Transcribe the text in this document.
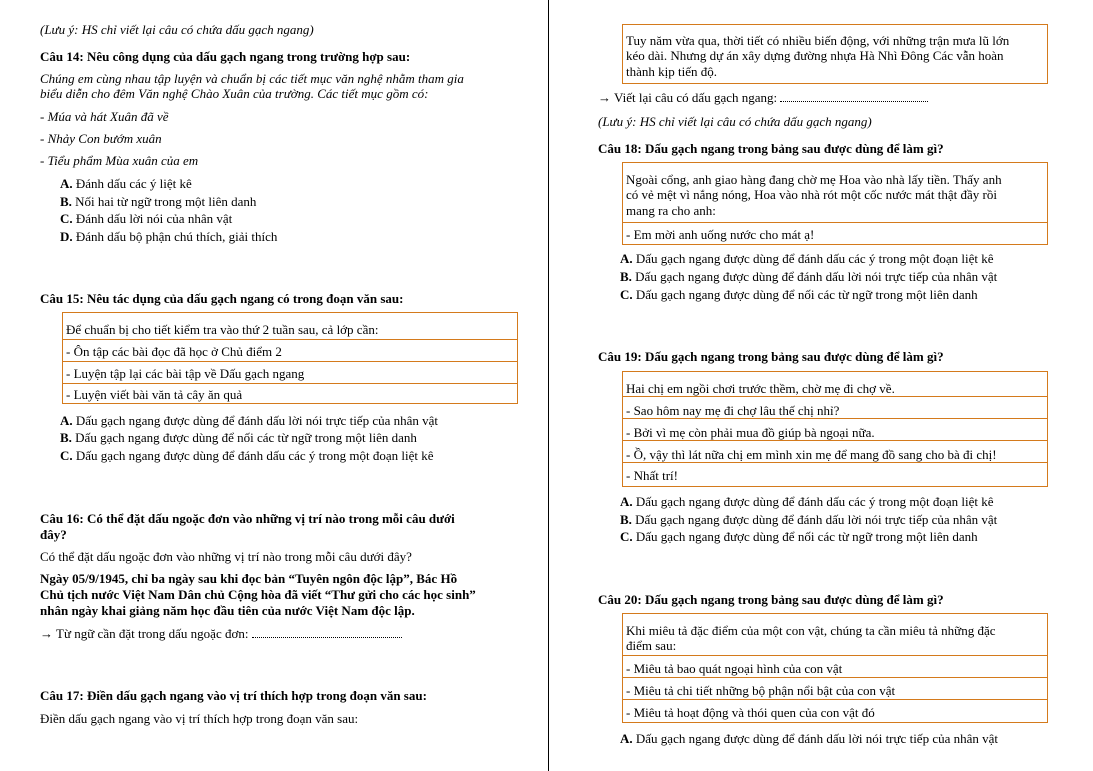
(Lưu ý: HS chỉ viết lại câu có chứa dấu gạch ngang)
Câu 14: Nêu công dụng của dấu gạch ngang trong trường hợp sau:
Chúng em cùng nhau tập luyện và chuẩn bị các tiết mục văn nghệ nhằm tham gia
biểu diễn cho đêm Văn nghệ Chào Xuân của trường. Các tiết mục gồm có:
- Múa và hát Xuân đã về
- Nhảy Con bướm xuân
- Tiểu phẩm Mùa xuân của em
A. Đánh dấu các ý liệt kê
B. Nối hai từ ngữ trong một liên danh
C. Đánh dấu lời nói của nhân vật
D. Đánh dấu bộ phận chú thích, giải thích
Câu 15: Nêu tác dụng của dấu gạch ngang có trong đoạn văn sau:
Để chuẩn bị cho tiết kiểm tra vào thứ 2 tuần sau, cả lớp cần:
- Ôn tập các bài đọc đã học ở Chủ điểm 2
- Luyện tập lại các bài tập về Dấu gạch ngang
- Luyện viết bài văn tả cây ăn quả
A. Dấu gạch ngang được dùng để đánh dấu lời nói trực tiếp của nhân vật
B. Dấu gạch ngang được dùng để nối các từ ngữ trong một liên danh
C. Dấu gạch ngang được dùng để đánh dấu các ý trong một đoạn liệt kê
Câu 16: Có thể đặt dấu ngoặc đơn vào những vị trí nào trong mỗi câu dưới
đây?
Có thể đặt dấu ngoặc đơn vào những vị trí nào trong mỗi câu dưới đây?
Ngày 05/9/1945, chỉ ba ngày sau khi đọc bản “Tuyên ngôn độc lập”, Bác Hồ
Chủ tịch nước Việt Nam Dân chủ Cộng hòa đã viết “Thư gửi cho các học sinh”
nhân ngày khai giảng năm học đầu tiên của nước Việt Nam độc lập.
→ Từ ngữ cần đặt trong dấu ngoặc đơn:
Câu 17: Điền dấu gạch ngang vào vị trí thích hợp trong đoạn văn sau:
Điền dấu gạch ngang vào vị trí thích hợp trong đoạn văn sau:
Tuy năm vừa qua, thời tiết có nhiều biến động, với những trận mưa lũ lớn
kéo dài. Nhưng dự án xây dựng đường nhựa Hà Nhì Đông Các vẫn hoàn
thành kịp tiến độ.
→ Viết lại câu có dấu gạch ngang:
(Lưu ý: HS chỉ viết lại câu có chứa dấu gạch ngang)
Câu 18: Dấu gạch ngang trong bảng sau được dùng để làm gì?
Ngoài cổng, anh giao hàng đang chờ mẹ Hoa vào nhà lấy tiền. Thấy anh
có vẻ mệt vì nắng nóng, Hoa vào nhà rót một cốc nước mát thật đầy rồi
mang ra cho anh:
- Em mời anh uống nước cho mát ạ!
A. Dấu gạch ngang được dùng để đánh dấu các ý trong một đoạn liệt kê
B. Dấu gạch ngang được dùng để đánh dấu lời nói trực tiếp của nhân vật
C. Dấu gạch ngang được dùng để nối các từ ngữ trong một liên danh
Câu 19: Dấu gạch ngang trong bảng sau được dùng để làm gì?
Hai chị em ngồi chơi trước thềm, chờ mẹ đi chợ về.
- Sao hôm nay mẹ đi chợ lâu thế chị nhỉ?
- Bởi vì mẹ còn phải mua đồ giúp bà ngoại nữa.
- Ồ, vậy thì lát nữa chị em mình xin mẹ để mang đồ sang cho bà đi chị!
- Nhất trí!
A. Dấu gạch ngang được dùng để đánh dấu các ý trong một đoạn liệt kê
B. Dấu gạch ngang được dùng để đánh dấu lời nói trực tiếp của nhân vật
C. Dấu gạch ngang được dùng để nối các từ ngữ trong một liên danh
Câu 20: Dấu gạch ngang trong bảng sau được dùng để làm gì?
Khi miêu tả đặc điểm của một con vật, chúng ta cần miêu tả những đặc
điểm sau:
- Miêu tả bao quát ngoại hình của con vật
- Miêu tả chi tiết những bộ phận nổi bật của con vật
- Miêu tả hoạt động và thói quen của con vật đó
A. Dấu gạch ngang được dùng để đánh dấu lời nói trực tiếp của nhân vật
